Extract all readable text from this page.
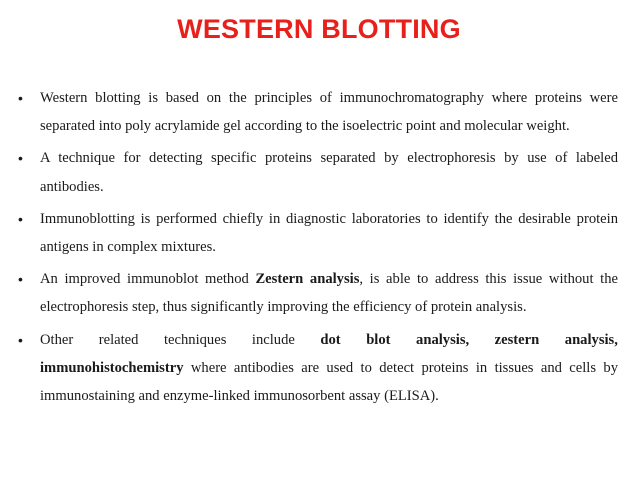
WESTERN BLOTTING
• Western blotting is based on the principles of immunochromatography where proteins were separated into poly acrylamide gel according to the isoelectric point and molecular weight.
• A technique for detecting specific proteins separated by electrophoresis by use of labeled antibodies.
• Immunoblotting is performed chiefly in diagnostic laboratories to identify the desirable protein antigens in complex mixtures.
• An improved immunoblot method Zestern analysis, is able to address this issue without the electrophoresis step, thus significantly improving the efficiency of protein analysis.
• Other related techniques include dot blot analysis, zestern analysis,
immunohistochemistry where antibodies are used to detect proteins in tissues and cells by immunostaining and enzyme-linked immunosorbent assay (ELISA).
